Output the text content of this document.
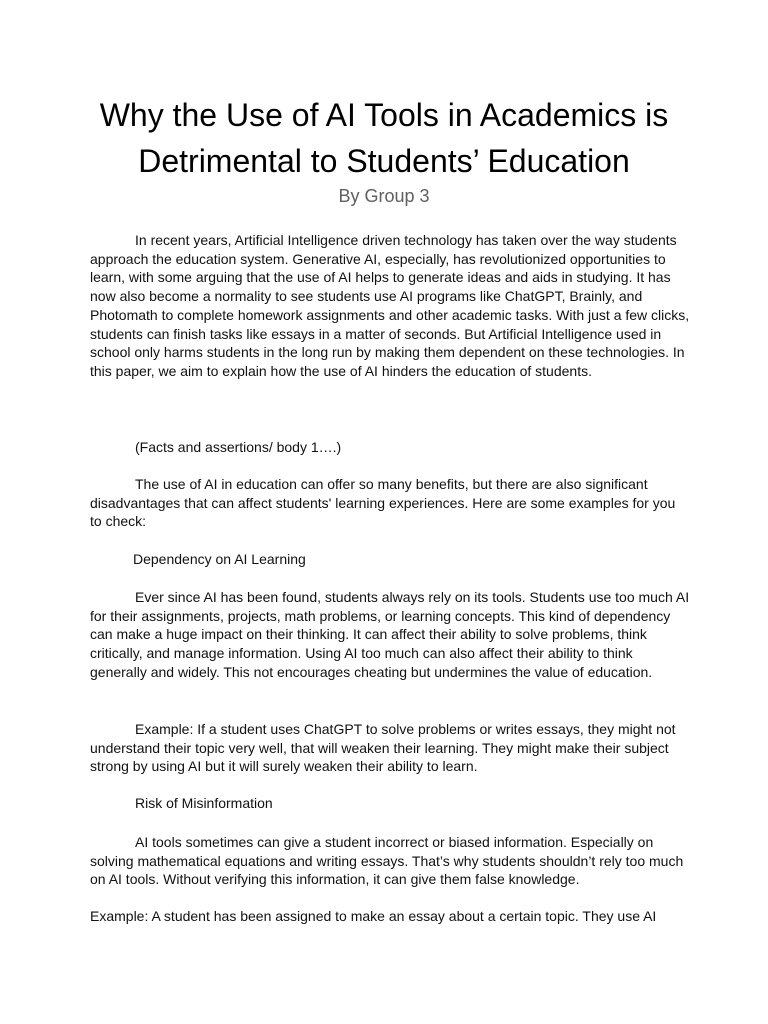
Why the Use of AI Tools in Academics is Detrimental to Students’ Education

By Group 3

In recent years, Artificial Intelligence driven technology has taken over the way students approach the education system. Generative AI, especially, has revolutionized opportunities to learn, with some arguing that the use of AI helps to generate ideas and aids in studying. It has now also become a normality to see students use AI programs like ChatGPT, Brainly, and Photomath to complete homework assignments and other academic tasks. With just a few clicks, students can finish tasks like essays in a matter of seconds. But Artificial Intelligence used in school only harms students in the long run by making them dependent on these technologies. In this paper, we aim to explain how the use of AI hinders the education of students.

(Facts and assertions/ body 1….)

The use of AI in education can offer so many benefits, but there are also significant disadvantages that can affect students' learning experiences. Here are some examples for you to check:

Dependency on AI Learning

Ever since AI has been found, students always rely on its tools. Students use too much AI for their assignments, projects, math problems, or learning concepts. This kind of dependency can make a huge impact on their thinking. It can affect their ability to solve problems, think critically, and manage information. Using AI too much can also affect their ability to think generally and widely. This not encourages cheating but undermines the value of education.

Example: If a student uses ChatGPT to solve problems or writes essays, they might not understand their topic very well, that will weaken their learning. They might make their subject strong by using AI but it will surely weaken their ability to learn.

Risk of Misinformation

AI tools sometimes can give a student incorrect or biased information. Especially on solving mathematical equations and writing essays. That’s why students shouldn’t rely too much on AI tools. Without verifying this information, it can give them false knowledge.

Example: A student has been assigned to make an essay about a certain topic. They use AI
